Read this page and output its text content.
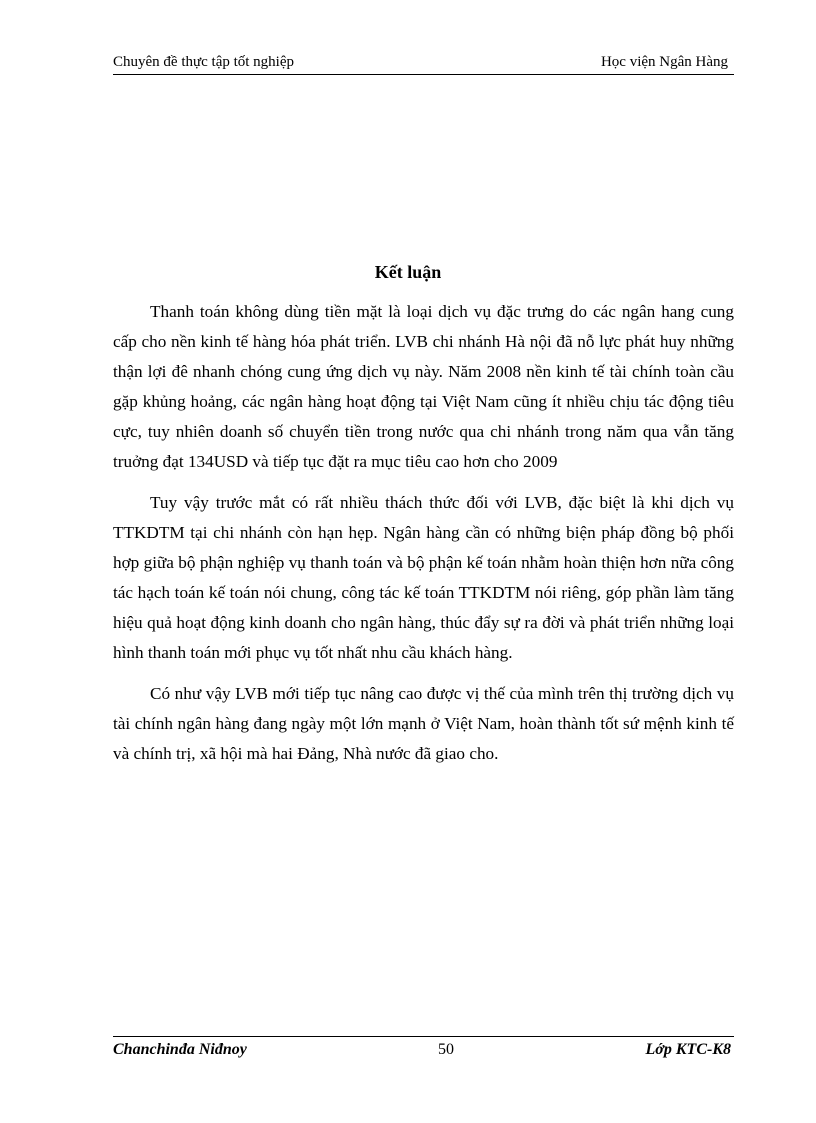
Chuyên đề thực tập tốt nghiệp	Học viện Ngân Hàng
Kết luận

Thanh toán không dùng tiền mặt là loại dịch vụ đặc trưng do các ngân hang cung cấp cho nền kinh tế hàng hóa phát triển. LVB chi nhánh Hà nội đã nỗ lực phát huy những thận lợi đê nhanh chóng cung ứng dịch vụ này. Năm 2008 nền kinh tế tài chính toàn cầu gặp khủng hoảng, các ngân hàng hoạt động tại Việt Nam cũng ít nhiều chịu tác động tiêu cực, tuy nhiên doanh số chuyển tiền trong nước qua chi nhánh trong năm qua vẫn tăng truởng đạt 134USD và tiếp tục đặt ra mục tiêu cao hơn cho 2009

Tuy vậy trước mắt có rất nhiều thách thức đối với LVB, đặc biệt là khi dịch vụ TTKDTM tại chi nhánh còn hạn hẹp. Ngân hàng cần có những biện pháp đồng bộ phối hợp giữa bộ phận nghiệp vụ thanh toán và bộ phận kế toán nhằm hoàn thiện hơn nữa công tác hạch toán kế toán nói chung, công tác kế toán TTKDTM nói riêng, góp phần làm tăng hiệu quả hoạt động kinh doanh cho ngân hàng, thúc đẩy sự ra đời và phát triển những loại hình thanh toán mới phục vụ tốt nhất nhu cầu khách hàng.

Có như vậy LVB mới tiếp tục nâng cao được vị thế của mình trên thị trường dịch vụ tài chính ngân hàng đang ngày một lớn mạnh ở Việt Nam, hoàn thành tốt sứ mệnh kinh tế và chính trị, xã hội mà hai Đảng, Nhà nước đã giao cho.

Chanchinđa Niđnoy	50	Lớp KTC-K8
